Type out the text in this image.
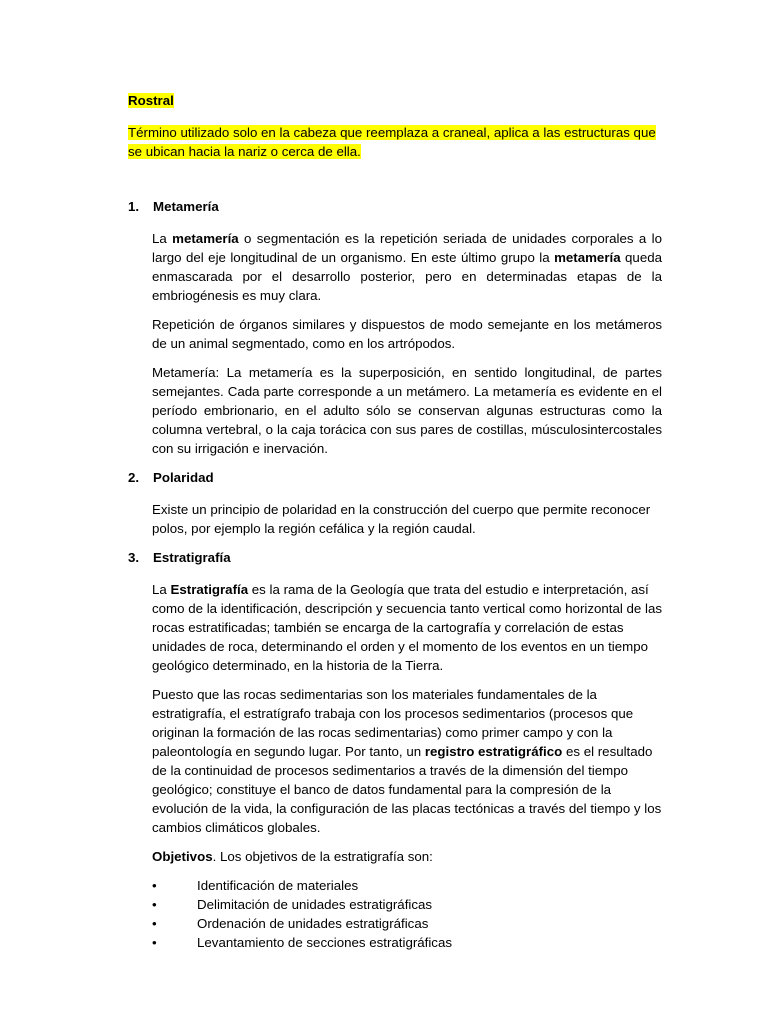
Rostral

Término utilizado solo en la cabeza que reemplaza a craneal, aplica a las estructuras que se ubican hacia la nariz o cerca de ella.

1. Metamería

La metamería o segmentación es la repetición seriada de unidades corporales a lo largo del eje longitudinal de un organismo. En este último grupo la metamería queda enmascarada por el desarrollo posterior, pero en determinadas etapas de la embriogénesis es muy clara.

Repetición de órganos similares y dispuestos de modo semejante en los metámeros de un animal segmentado, como en los artrópodos.

Metamería: La metamería es la superposición, en sentido longitudinal, de partes semejantes. Cada parte corresponde a un metámero. La metamería es evidente en el período embrionario, en el adulto sólo se conservan algunas estructuras como la columna vertebral, o la caja torácica con sus pares de costillas, músculosintercostales con su irrigación e inervación.

2. Polaridad

Existe un principio de polaridad en la construcción del cuerpo que permite reconocer polos, por ejemplo la región cefálica y la región caudal.

3. Estratigrafía

La Estratigrafía es la rama de la Geología que trata del estudio e interpretación, así como de la identificación, descripción y secuencia tanto vertical como horizontal de las rocas estratificadas; también se encarga de la cartografía y correlación de estas unidades de roca, determinando el orden y el momento de los eventos en un tiempo geológico determinado, en la historia de la Tierra.

Puesto que las rocas sedimentarias son los materiales fundamentales de la estratigrafía, el estratígrafo trabaja con los procesos sedimentarios (procesos que originan la formación de las rocas sedimentarias) como primer campo y con la paleontología en segundo lugar. Por tanto, un registro estratigráfico es el resultado de la continuidad de procesos sedimentarios a través de la dimensión del tiempo geológico; constituye el banco de datos fundamental para la compresión de la evolución de la vida, la configuración de las placas tectónicas a través del tiempo y los cambios climáticos globales.

Objetivos. Los objetivos de la estratigrafía son:

•	Identificación de materiales
•	Delimitación de unidades estratigráficas
•	Ordenación de unidades estratigráficas
•	Levantamiento de secciones estratigráficas
